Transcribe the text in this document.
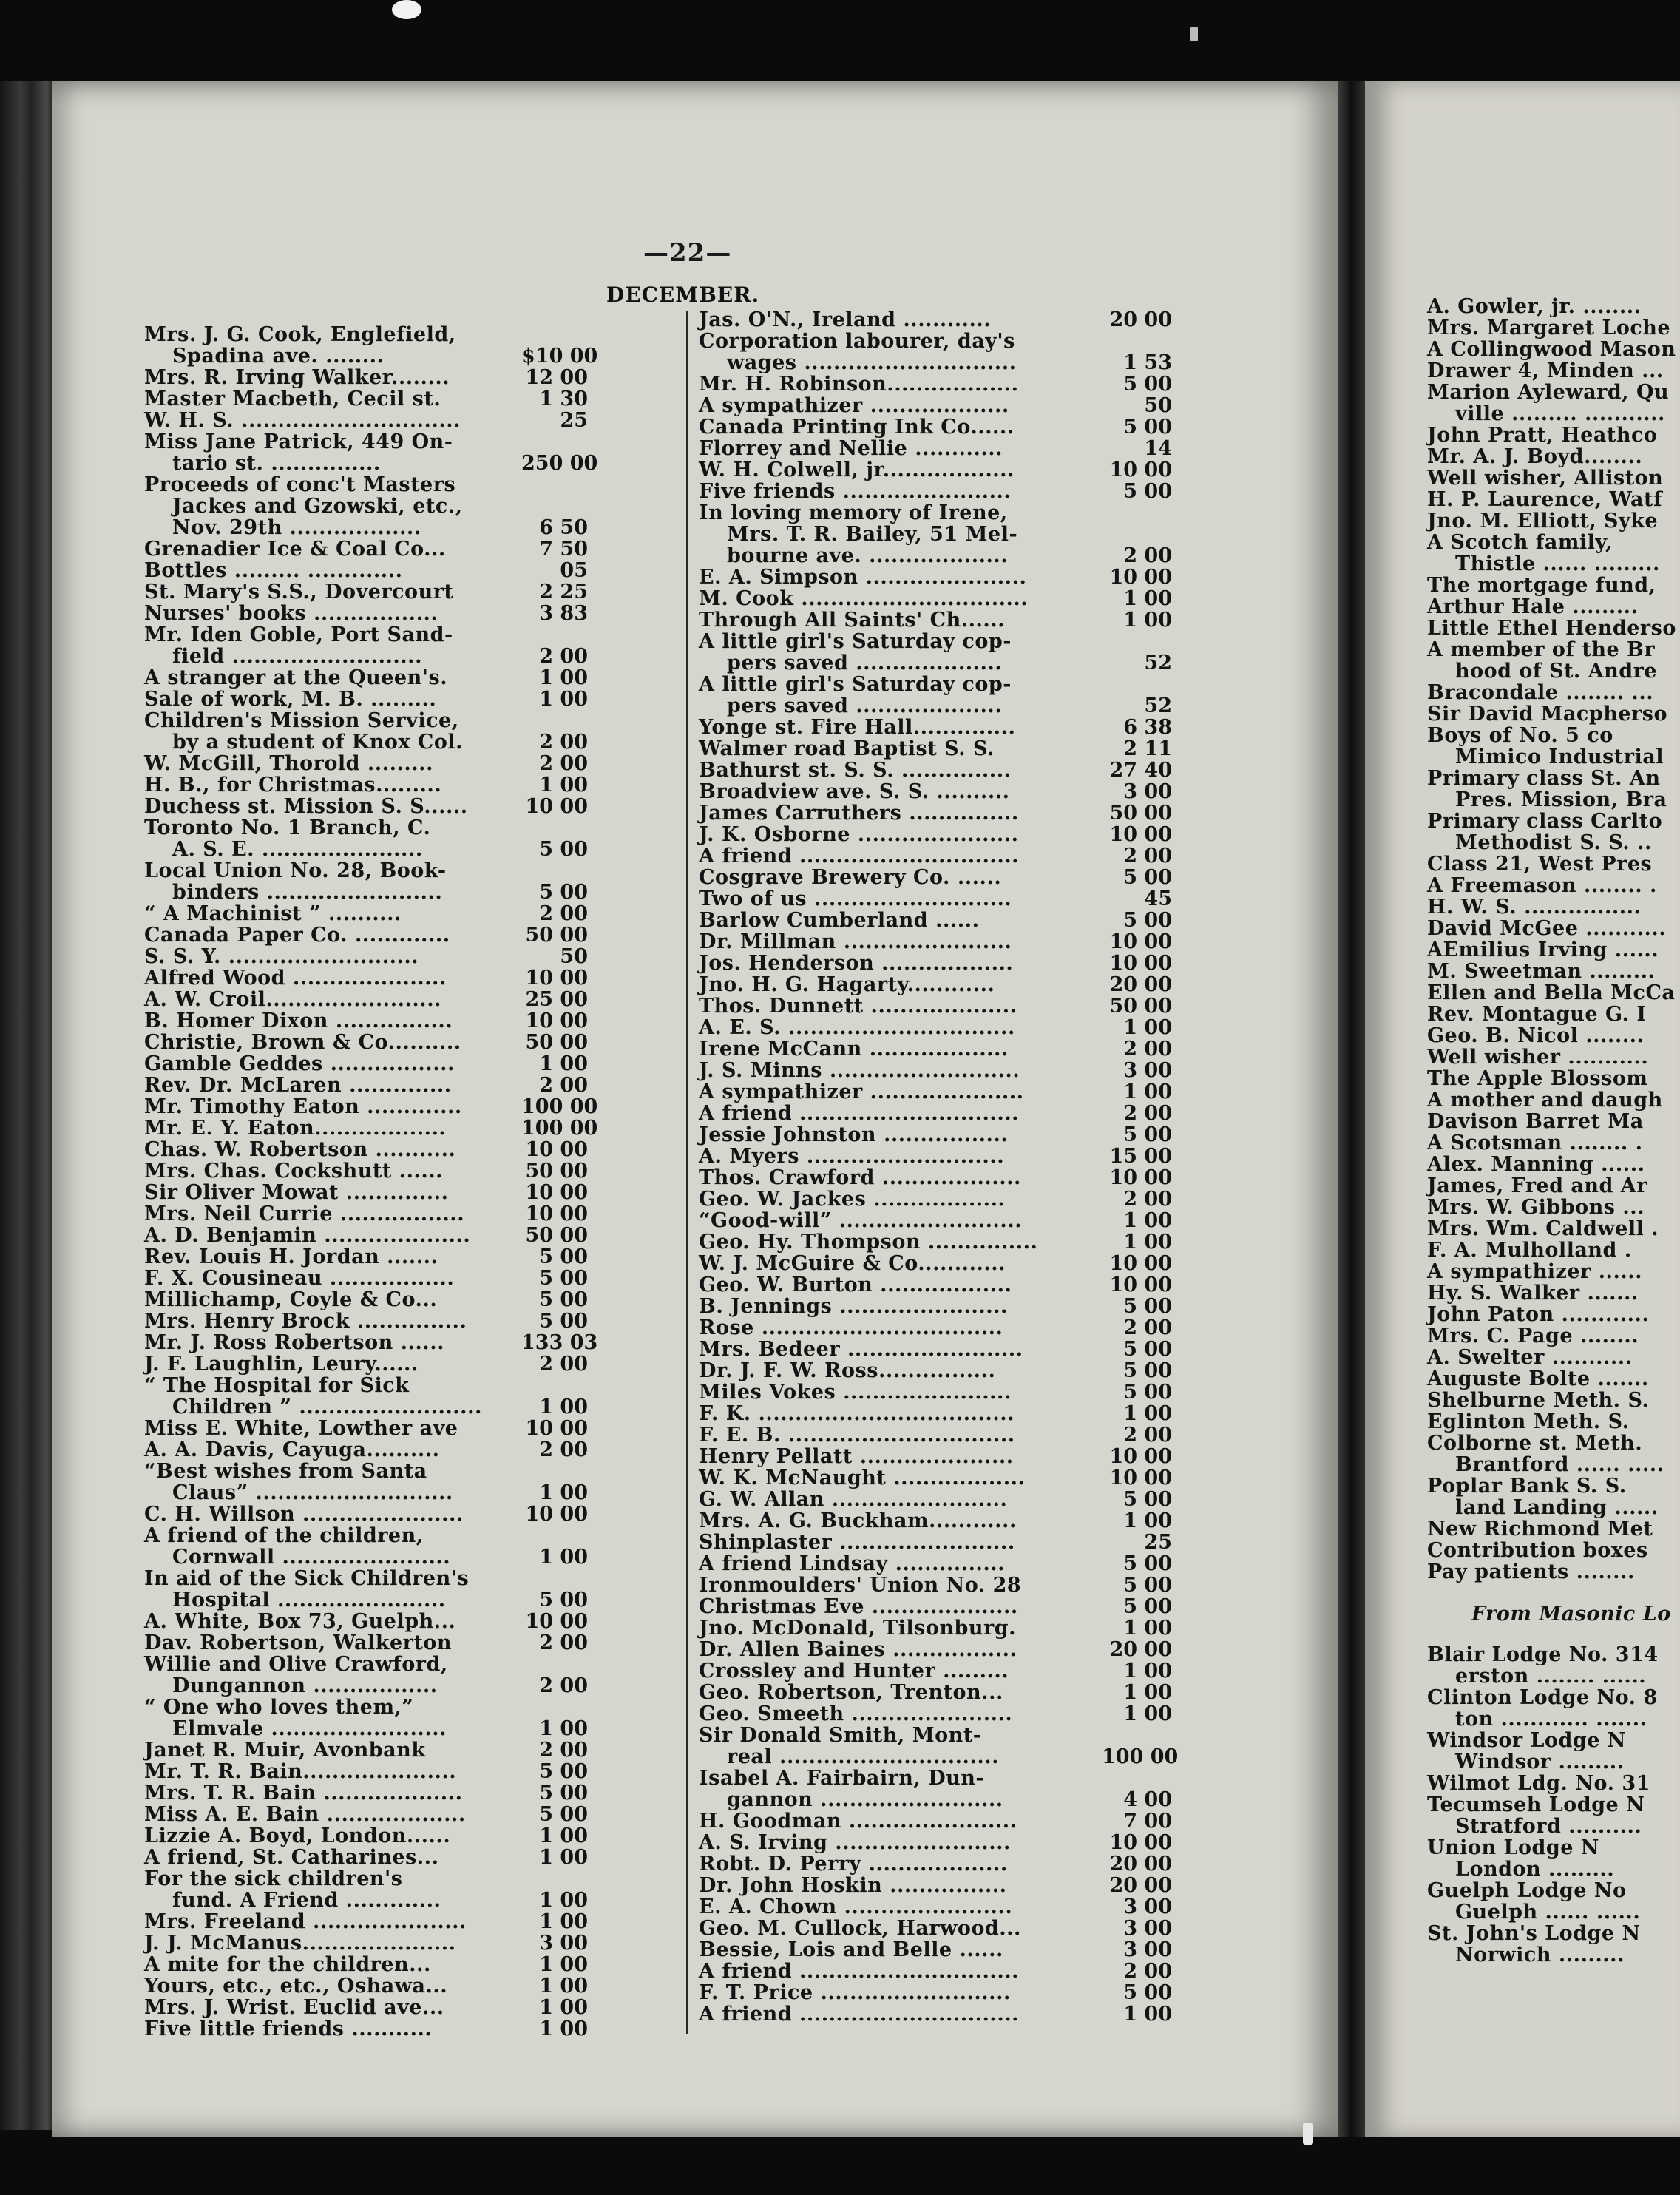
—22—
DECEMBER.
Mrs. J. G. Cook, Englefield,
Spadina ave. ........	$10 00
Mrs. R. Irving Walker........	12 00
Master Macbeth, Cecil st.	1 30
W. H. S. ..............................	25
Miss Jane Patrick, 449 On-
tario st. ...............	250 00
Proceeds of conc't Masters
Jackes and Gzowski, etc.,
Nov. 29th ..................	6 50
Grenadier Ice & Coal Co...	7 50
Bottles ......... .............	05
St. Mary's S.S., Dovercourt	2 25
Nurses' books .................	3 83
Mr. Iden Goble, Port Sand-
field ..........................	2 00
A stranger at the Queen's.	1 00
Sale of work, M. B. .........	1 00
Children's Mission Service,
by a student of Knox Col.	2 00
W. McGill, Thorold .........	2 00
H. B., for Christmas.........	1 00
Duchess st. Mission S. S......	10 00
Toronto No. 1 Branch, C.
A. S. E. ......................	5 00
Local Union No. 28, Book-
binders ........................	5 00
“ A Machinist ” ..........	2 00
Canada Paper Co. .............	50 00
S. S. Y. ..........................	50
Alfred Wood .....................	10 00
A. W. Croil........................	25 00
B. Homer Dixon ................	10 00
Christie, Brown & Co..........	50 00
Gamble Geddes .................	1 00
Rev. Dr. McLaren ..............	2 00
Mr. Timothy Eaton .............	100 00
Mr. E. Y. Eaton..................	100 00
Chas. W. Robertson ...........	10 00
Mrs. Chas. Cockshutt ......	50 00
Sir Oliver Mowat ..............	10 00
Mrs. Neil Currie .................	10 00
A. D. Benjamin ....................	50 00
Rev. Louis H. Jordan .......	5 00
F. X. Cousineau .................	5 00
Millichamp, Coyle & Co...	5 00
Mrs. Henry Brock ...............	5 00
Mr. J. Ross Robertson ......	133 03
J. F. Laughlin, Leury......	2 00
“ The Hospital for Sick
Children ” .........................	1 00
Miss E. White, Lowther ave	10 00
A. A. Davis, Cayuga..........	2 00
“Best wishes from Santa
Claus” ...........................	1 00
C. H. Willson ......................	10 00
A friend of the children,
Cornwall .......................	1 00
In aid of the Sick Children's
Hospital .......................	5 00
A. White, Box 73, Guelph...	10 00
Dav. Robertson, Walkerton	2 00
Willie and Olive Crawford,
Dungannon .................	2 00
“ One who loves them,”
Elmvale ........................	1 00
Janet R. Muir, Avonbank	2 00
Mr. T. R. Bain.....................	5 00
Mrs. T. R. Bain ...................	5 00
Miss A. E. Bain ...................	5 00
Lizzie A. Boyd, London......	1 00
A friend, St. Catharines...	1 00
For the sick children's
fund. A Friend .............	1 00
Mrs. Freeland .....................	1 00
J. J. McManus.....................	3 00
A mite for the children...	1 00
Yours, etc., etc., Oshawa...	1 00
Mrs. J. Wrist. Euclid ave...	1 00
Five little friends ...........	1 00
Jas. O'N., Ireland ............	20 00
Corporation labourer, day's
wages .............................	1 53
Mr. H. Robinson..................	5 00
A sympathizer ...................	50
Canada Printing Ink Co......	5 00
Florrey and Nellie ............	14
W. H. Colwell, jr..................	10 00
Five friends .......................	5 00
In loving memory of Irene,
Mrs. T. R. Bailey, 51 Mel-
bourne ave. ...................	2 00
E. A. Simpson ......................	10 00
M. Cook ...............................	1 00
Through All Saints' Ch......	1 00
A little girl's Saturday cop-
pers saved ....................	52
A little girl's Saturday cop-
pers saved ....................	52
Yonge st. Fire Hall..............	6 38
Walmer road Baptist S. S.	2 11
Bathurst st. S. S. ...............	27 40
Broadview ave. S. S. ..........	3 00
James Carruthers ...............	50 00
J. K. Osborne ......................	10 00
A friend ..............................	2 00
Cosgrave Brewery Co. ......	5 00
Two of us ...........................	45
Barlow Cumberland ......	5 00
Dr. Millman .......................	10 00
Jos. Henderson ..................	10 00
Jno. H. G. Hagarty............	20 00
Thos. Dunnett ....................	50 00
A. E. S. ...............................	1 00
Irene McCann ...................	2 00
J. S. Minns ..........................	3 00
A sympathizer .....................	1 00
A friend ..............................	2 00
Jessie Johnston .................	5 00
A. Myers ...........................	15 00
Thos. Crawford ...................	10 00
Geo. W. Jackes ..................	2 00
“Good-will” .........................	1 00
Geo. Hy. Thompson ...............	1 00
W. J. McGuire & Co............	10 00
Geo. W. Burton ..................	10 00
B. Jennings .......................	5 00
Rose .................................	2 00
Mrs. Bedeer ........................	5 00
Dr. J. F. W. Ross................	5 00
Miles Vokes .......................	5 00
F. K. ...................................	1 00
F. E. B. ...............................	2 00
Henry Pellatt .....................	10 00
W. K. McNaught ..................	10 00
G. W. Allan ........................	5 00
Mrs. A. G. Buckham............	1 00
Shinplaster ........................	25
A friend Lindsay ...............	5 00
Ironmoulders' Union No. 28	5 00
Christmas Eve ....................	5 00
Jno. McDonald, Tilsonburg.	1 00
Dr. Allen Baines .................	20 00
Crossley and Hunter .........	1 00
Geo. Robertson, Trenton...	1 00
Geo. Smeeth ......................	1 00
Sir Donald Smith, Mont-
real ..............................	100 00
Isabel A. Fairbairn, Dun-
gannon .........................	4 00
H. Goodman .......................	7 00
A. S. Irving ........................	10 00
Robt. D. Perry ...................	20 00
Dr. John Hoskin ................	20 00
E. A. Chown .......................	3 00
Geo. M. Cullock, Harwood...	3 00
Bessie, Lois and Belle ......	3 00
A friend ..............................	2 00
F. T. Price ..........................	5 00
A friend ..............................	1 00
A. Gowler, jr. ........
Mrs. Margaret Loche
A Collingwood Mason
Drawer 4, Minden ...
Marion Ayleward, Qu
ville ......... ...........
John Pratt, Heathco
Mr. A. J. Boyd........
Well wisher, Alliston
H. P. Laurence, Watf
Jno. M. Elliott, Syke
A Scotch family,
Thistle ...... .........
The mortgage fund,
Arthur Hale .........
Little Ethel Henderso
A member of the Br
hood of St. Andre
Bracondale ........ ...
Sir David Macpherso
Boys of No. 5 co
Mimico Industrial
Primary class St. An
Pres. Mission, Bra
Primary class Carlto
Methodist S. S. ..
Class 21, West Pres
A Freemason ........ .
H. W. S. ................
David McGee ...........
AEmilius Irving ......
M. Sweetman .........
Ellen and Bella McCa
Rev. Montague G. I
Geo. B. Nicol ........
Well wisher ...........
The Apple Blossom
A mother and daugh
Davison Barret Ma
A Scotsman ........ .
Alex. Manning ......
James, Fred and Ar
Mrs. W. Gibbons ...
Mrs. Wm. Caldwell .
F. A. Mulholland .
A sympathizer ......
Hy. S. Walker .......
John Paton ............
Mrs. C. Page ........
A. Swelter ...........
Auguste Bolte .......
Shelburne Meth. S.
Eglinton Meth. S.
Colborne st. Meth.
Brantford ...... .....
Poplar Bank S. S.
land Landing ......
New Richmond Met
Contribution boxes
Pay patients ........
From Masonic Lo
Blair Lodge No. 314
erston ........ ......
Clinton Lodge No. 8
ton ............ .......
Windsor Lodge N
Windsor .........
Wilmot Ldg. No. 31
Tecumseh Lodge N
Stratford ..........
Union Lodge N
London .........
Guelph Lodge No
Guelph ...... ......
St. John's Lodge N
Norwich .........
